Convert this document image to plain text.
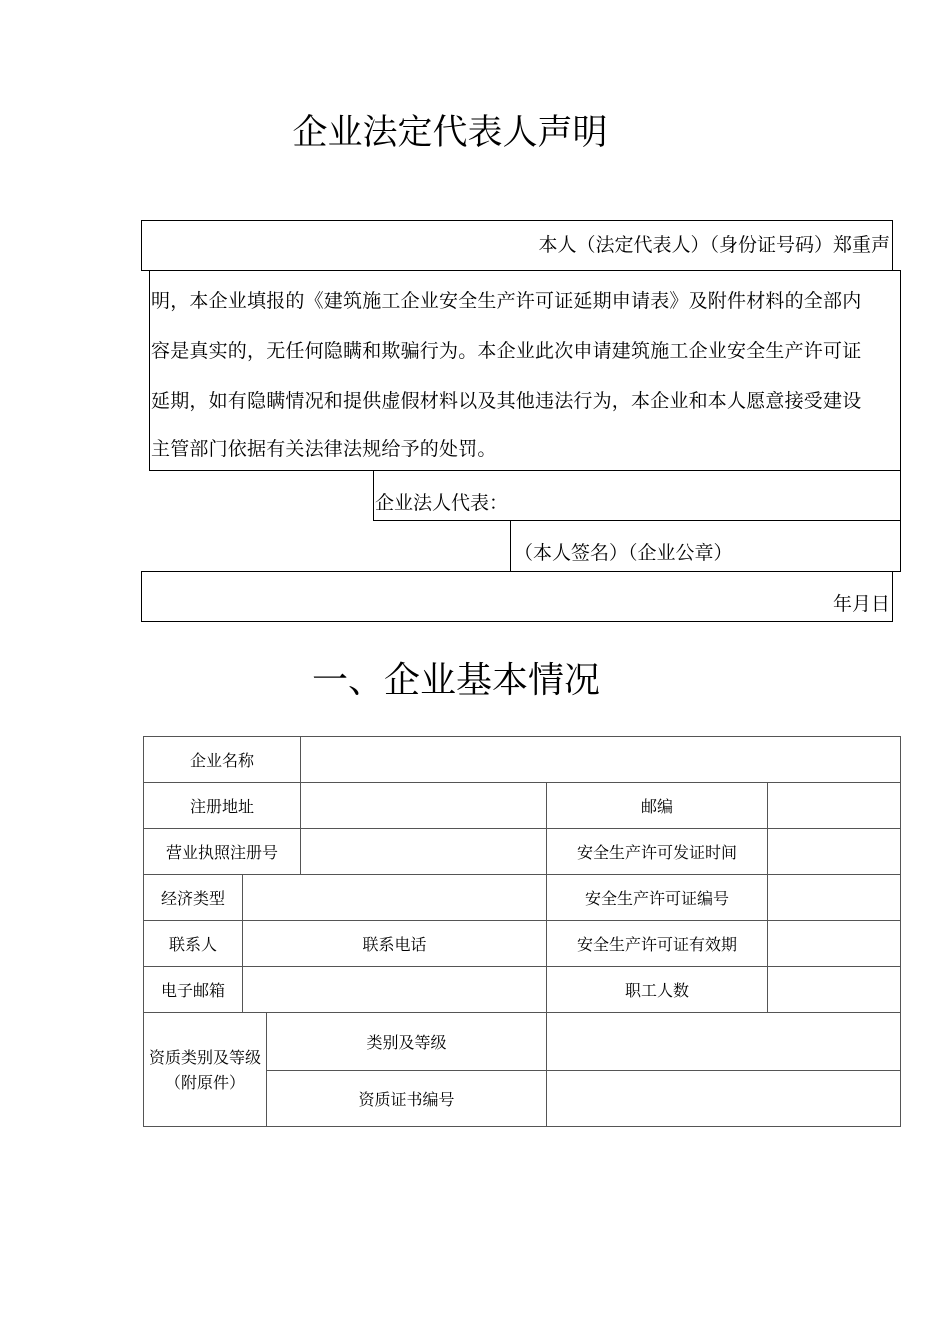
企业法定代表人声明
本人（法定代表人）（身份证号码）郑重声
明，本企业填报的《建筑施工企业安全生产许可证延期申请表》及附件材料的全部内
容是真实的，无任何隐瞒和欺骗行为。本企业此次申请建筑施工企业安全生产许可证
延期，如有隐瞒情况和提供虚假材料以及其他违法行为，本企业和本人愿意接受建设
主管部门依据有关法律法规给予的处罚。
企业法人代表：
（本人签名）（企业公章）
年月日
一、企业基本情况
企业名称					
注册地址				邮编	
营业执照注册号				安全生产许可发证时间	
经济类型				安全生产许可证编号	
联系人	联系电话			安全生产许可证有效期	
电子邮箱				职工人数	
资质类别及等级（附原件）		类别及等级			
		资质证书编号			
